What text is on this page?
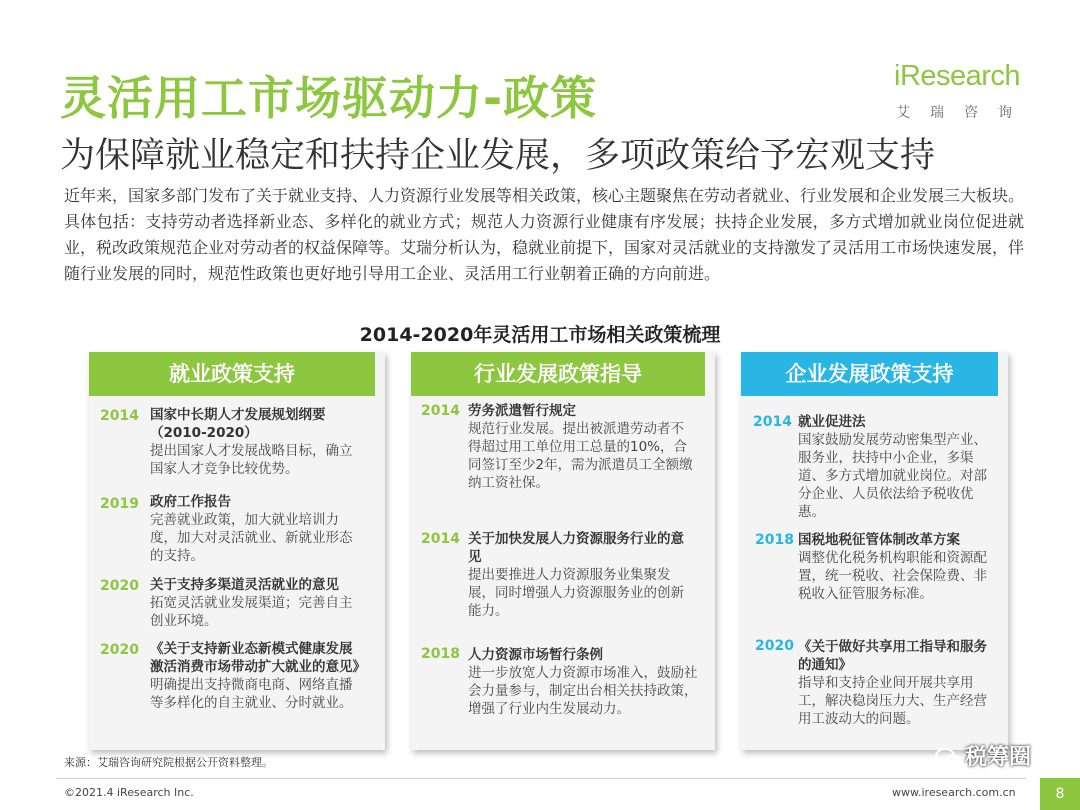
灵活用工市场驱动力-政策
为保障就业稳定和扶持企业发展，多项政策给予宏观支持
iResearch
艾瑞咨询
近年来，国家多部门发布了关于就业支持、人力资源行业发展等相关政策，核心主题聚焦在劳动者就业、行业发展和企业发展三大板块。具体包括：支持劳动者选择新业态、多样化的就业方式；规范人力资源行业健康有序发展；扶持企业发展，多方式增加就业岗位促进就业，税改政策规范企业对劳动者的权益保障等。艾瑞分析认为，稳就业前提下，国家对灵活就业的支持激发了灵活用工市场快速发展，伴随行业发展的同时，规范性政策也更好地引导用工企业、灵活用工行业朝着正确的方向前进。
2014-2020年灵活用工市场相关政策梳理
就业政策支持
2014 国家中长期人才发展规划纲要（2010-2020）
提出国家人才发展战略目标，确立国家人才竞争比较优势。
2019 政府工作报告
完善就业政策，加大就业培训力度，加大对灵活就业、新就业形态的支持。
2020 关于支持多渠道灵活就业的意见
拓宽灵活就业发展渠道；完善自主创业环境。
2020 《关于支持新业态新模式健康发展激活消费市场带动扩大就业的意见》
明确提出支持微商电商、网络直播等多样化的自主就业、分时就业。
行业发展政策指导
2014 劳务派遣暂行规定
规范行业发展。提出被派遣劳动者不得超过用工单位用工总量的10%，合同签订至少2年，需为派遣员工全额缴纳工资社保。
2014 关于加快发展人力资源服务行业的意见
提出要推进人力资源服务业集聚发展，同时增强人力资源服务业的创新能力。
2018 人力资源市场暂行条例
进一步放宽人力资源市场准入，鼓励社会力量参与，制定出台相关扶持政策，增强了行业内生发展动力。
企业发展政策支持
2014 就业促进法
国家鼓励发展劳动密集型产业、服务业，扶持中小企业，多渠道、多方式增加就业岗位。对部分企业、人员依法给予税收优惠。
2018 国税地税征管体制改革方案
调整优化税务机构职能和资源配置，统一税收、社会保险费、非税收入征管服务标准。
2020 《关于做好共享用工指导和服务的通知》
指导和支持企业间开展共享用工，解决稳岗压力大、生产经营用工波动大的问题。
来源：艾瑞咨询研究院根据公开资料整理。
©2021.4 iResearch Inc.	www.iresearch.com.cn	8
税筹圈
